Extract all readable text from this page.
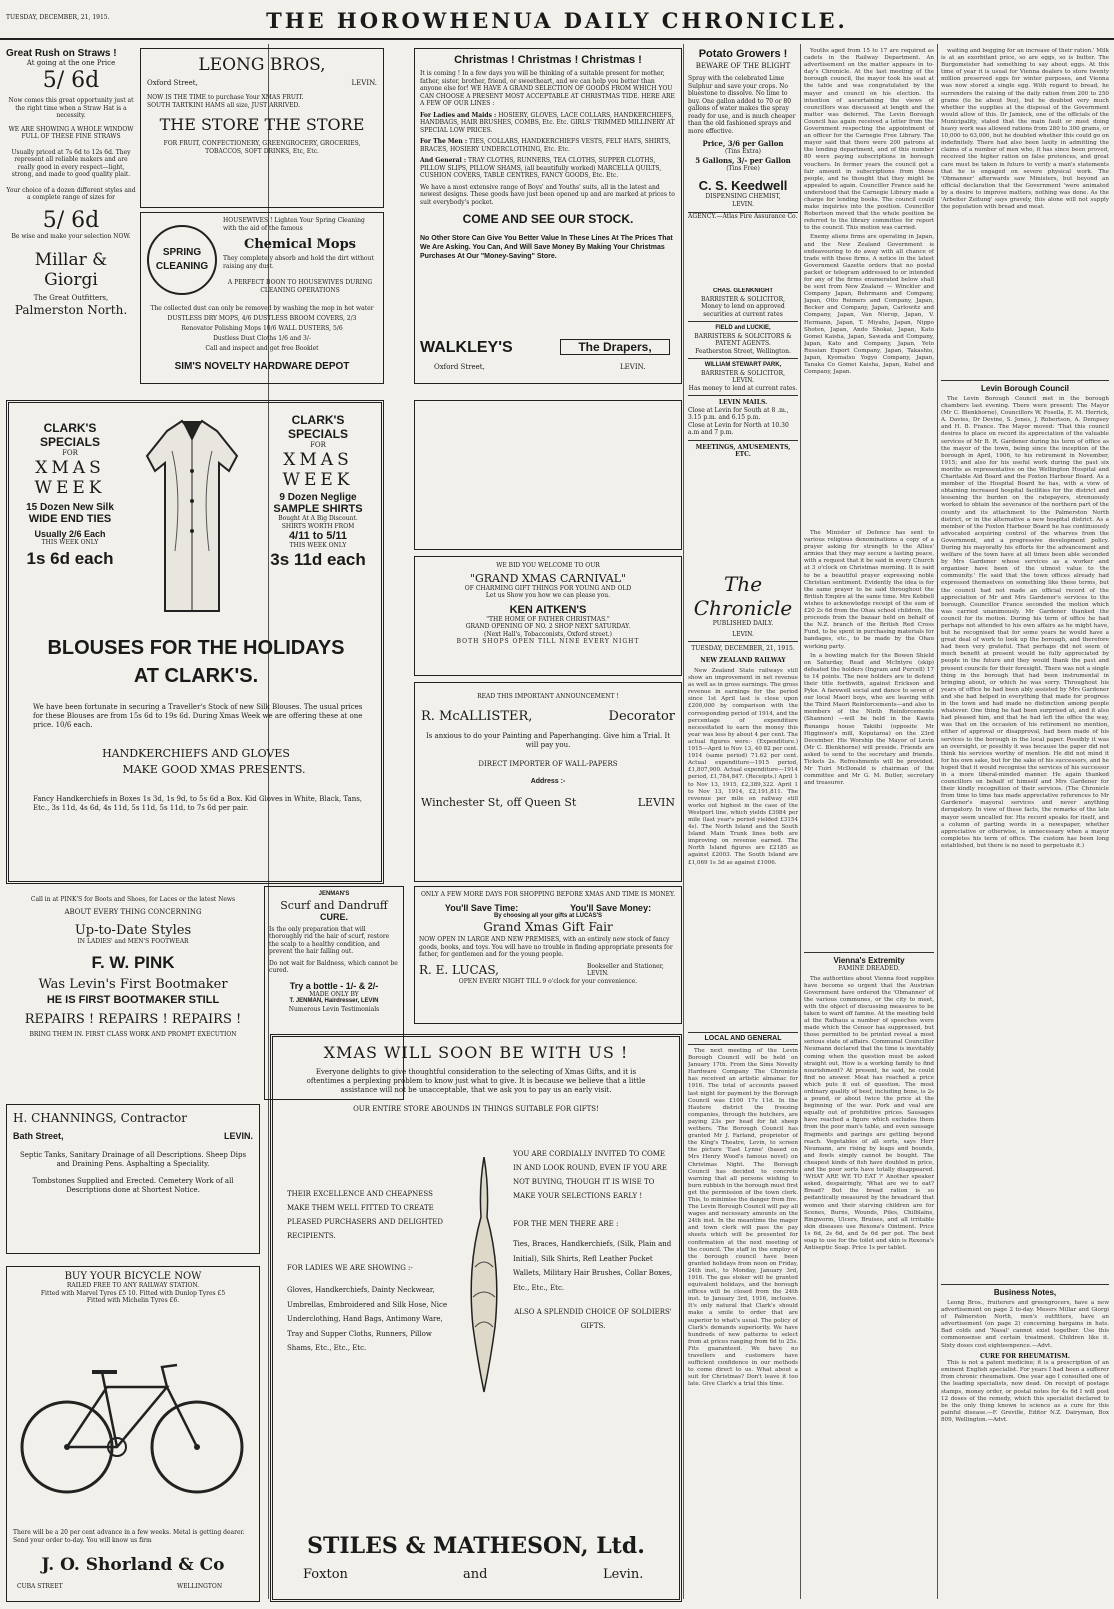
TUESDAY, DECEMBER, 21, 1915.	THE HOROWHENUA DAILY CHRONICLE.
Great Rush on Straws !
At going at the one Price
5/ 6d
Now comes this great opportunity just at the right time when a Straw Hat is a necessity.
WE ARE SHOWING A WHOLE WINDOW FULL OF THESE FINE STRAWS
Usually priced at 7s 6d to 12s 6d. They represent all reliable makers and are really good in every respect—light, strong, and made to good quality plait.
Your choice of a dozen different styles and a complete range of sizes for
5/ 6d
Be wise and make your selection NOW.
Millar & Giorgi
The Great Outfitters,
Palmerston North.
LEONG BROS,
Oxford Street,	LEVIN.
NOW IS THE TIME to purchase Your XMAS FRUIT.
SOUTH TARTKINI HAMS all size, JUST ARRIVED.
THE STORE THE STORE
FOR FRUIT, CONFECTIONERY, GREENGROCERY, GROCERIES, TOBACCOS, SOFT DRINKS, Etc, Etc.
SPRING
CLEANING
HOUSEWIVES ! Lighten Your Spring Cleaning with the aid of the famous
Chemical Mops
They completely absorb and hold the dirt without raising any dust.
A PERFECT BOON TO HOUSEWIVES DURING CLEANING OPERATIONS
The collected dust can only be removed by washing the mop in hot water
DUSTLESS DRY MOPS, 4/6 DUSTLESS BROOM COVERS, 2/3
Renovator Polishing Mops 10/6 WALL DUSTERS, 5/6
Dustless Dust Cloths 1/6 and 3/-
Call and inspect and get free Booklet
SIM'S NOVELTY HARDWARE DEPOT
Christmas ! Christmas ! Christmas !
It is coming ! In a few days you will be thinking of a suitable present for mother, father, sister, brother, friend, or sweetheart, and we can help you better than anyone else for! WE HAVE A GRAND SELECTION OF GOODS FROM WHICH YOU CAN CHOOSE A PRESENT MOST ACCEPTABLE AT CHRISTMAS TIDE. HERE ARE A FEW OF OUR LINES :
For Ladies and Maids : HOSIERY, GLOVES, LACE COLLARS, HANDKERCHIEFS, HANDBAGS, HAIR BRUSHES, COMBS, Etc. Etc. GIRLS' TRIMMED MILLINERY AT SPECIAL LOW PRICES.
For The Men : TIES, COLLARS, HANDKERCHIEFS VESTS, FELT HATS, SHIRTS, BRACES, HOSIERY UNDERCLOTHING, Etc. Etc.
And General : TRAY CLOTHS, RUNNERS, TEA CLOTHS, SUPPER CLOTHS, PILLOW SLIPS, PILLOW SHAMS, (all beautifully worked) MARCELLA QUILTS, CUSHION COVERS, TABLE CENTRES, FANCY GOODS, Etc. Etc.
We have a most extensive range of Boys' and Youths' suits, all in the latest and newest designs. These goods have just been opened up and are marked at prices to suit everybody's pocket.
COME AND SEE OUR STOCK.
No Other Store Can Give You Better Value In These Lines At The Prices That We Are Asking. You Can, And Will Save Money By Making Your Christmas Purchases At Our "Money-Saving" Store.
WALKLEY'S	The Drapers,
Oxford Street,	LEVIN.
Potato Growers !
BEWARE OF THE BLIGHT
Spray with the celebrated Lime Sulphur and save your crops. No bluestone to dissolve. No lime to buy. One gallon added to 70 or 80 gallons of water makes the spray ready for use, and is much cheaper than the old fashioned sprays and more effective.
Price, 3/6 per Gallon
(Tins Extra)
5 Gallons, 3/- per Gallon
(Tins Free)
C. S. Keedwell
DISPENSING CHEMIST,
LEVIN.
AGENCY.—Atlas Fire Assurance Co.
CHAS. GLENKNIGHT
BARRISTER & SOLICITOR,
Money to lend on approved securities at current rates
FIELD and LUCKIE,
BARRISTERS & SOLICITORS & PATENT AGENTS.
Featherston Street, Wellington.
WILLIAM STEWART PARK,
BARRISTER & SOLICITOR,
LEVIN.
Has money to lend at current rates.
LEVIN MAILS.
Close at Levin for South at 8 .m., 3.15 p.m. and 6.15 p.m.
Close at Levin for North at 10.30 a.m and 7 p.m.
MEETINGS, AMUSEMENTS, ETC.
The Chronicle
PUBLISHED DAILY.
LEVIN.
TUESDAY, DECEMBER, 21, 1915.
NEW ZEALAND RAILWAY

Youths aged from 15 to 17 are required as cadets in the Railway Department. An advertisement on the matter appears in to-day's Chronicle. At the last meeting of the borough council, the mayor took his seat at the table and was congratulated by the mayor and council on his election. Its intention of ascertaining the views of councillors was discussed at length and the matter was deferred. The Levin Borough Council has again received a letter from the Government respecting the appointment of an officer for the Carnegie Free Library. The mayor said that there were 200 patrons at the lending department, and of this number 80 were paying subscriptions in borough vouchers. In former years the council got a fair amount in subscriptions from these people, and he thought that they might be appealed to again. Councillor France said he understood that the Carnegie Library made a charge for lending books. The council could make inquiries into the position. Councillor Robertson moved that the whole position be referred to the library committee for report to the council. This motion was carried.

Enemy aliens firms are operating in Japan, and the New Zealand Government is endeavouring to do away with all chance of trade with these firms. A notice in the latest Government Gazette orders that no postal packet or telegram addressed to or intended for any of the firms enumerated below shall be sent from New Zealand — Winckler and Company Japan, Behrmann and Company, Japan, Otto Reimers and Company, Japan, Becker and Company, Japan, Carlowitz and Company, Japan, Van Nierop, Japan, V. Hermann, Japan, T. Miyaho, Japan, Nippo Shoten, Japan, Ando Shokai, Japan, Kato Gomei Kaisha, Japan, Sawada and Company, Japan, Kato and Company, Japan, Yeto Russian Export Company, Japan, Takashio, Japan, Kyomatsu Yogyo Company, Japan, Tanaka Co Gomei Kaisha, Japan, Kubel and Company, Japan.

The Minister of Defence has sent to various religious denominations a copy of a prayer asking for strength to the Allies' armies that they may secure a lasting peace, with a request that it be said in every Church at 3 o'clock on Christmas morning. It is said to be a beautiful prayer expressing noble Christian sentiment. Evidently the idea is for the same prayer to be said throughout the British Empire at the same time. Mrs Kebbell wishes to acknowledge receipt of the sum of £20 2s 6d from the Ohau school children, the proceeds from the bazaar held on behalf of the N.Z. branch of the British Red Cross Fund, to be spent in purchasing materials for bandages, etc., to be made by the Ohau working party.

In a bowling match for the Bowen Shield on Saturday, Read and McIntyre (skip) defeated the holders (Ingram and Purcell) 17 to 14 points. The new holders are to defend their title forthwith, against Erickson and Pyke. A farewell social and dance to seven of our local Maori boys, who are leaving with the Third Maori Reinforcements—and also to members of the Ninth Reinforcements (Shannon) —will be held in the Kawiu Runanga house Takiihi (opposite Mr Higginson's mill, Koputaroa) on the 23rd December. His Worship the Mayor of Levin (Mr C. Blenkhorne) will preside. Friends are asked to send to the secretary and friends. Tickets 2s. Refreshments will be provided. Mr Tuiri McDonald is chairman of the committee and Mr G. M. Butler, secretary and treasurer.

New Zealand State railways still show an improvement in net revenue as well as in gross earnings. The gross revenue in earnings for the period since 1st April last is close upon £200,000 by comparison with the corresponding period of 1914, and the percentage of expenditure necessitated to earn the money this year was less by about 4 per cent. The actual figures were:- (Expenditure.) 1915—April to Nov 13, 40 82 per cent. 1914 (same period) 71.62 per cent. Actual expenditure—1915 period, £1,807,900. Actual expenditure—1914 period, £1,784,847. (Receipts.) April 1 to Nov 13, 1915, £2,389,322. April 1 to Nov 13, 1914, £2,191,811. The revenue per mile on railway still works out highest in the case of the Westport line, which yields £3084 per mile (last year's period yielded £3154 4s). The North Island and the South Island Main Trunk lines both are improving on revenue earned. The North Island figures are £2185 as against £2003. The South Island are £1,069 1s 3d as against £1006.

LOCAL AND GENERAL

The next meeting of the Levin Borough Council will be held on January 17th. From the Sims Novelty Hardware Company The Chronicle has received an artistic almanac for 1916. The total of accounts passed last night for payment by the Borough Council was £100 17s 11d. In the Hautere district the freezing companies, through the butchers, are paying 23s per head for fat sheep wethers. The Borough Council has granted Mr J. Farland, proprietor of the King's Theatre, Levin, to screen the picture 'East Lynne' (based on Mrs Henry Wood's famous novel) on Christmas Night. The Borough Council has decided to concrete warning that all persons wishing to burn rubbish in the borough must first get the permission of the town clerk. This, to minimise the danger from fire. The Levin Borough Council will pay all wages and necessary amounts on the 24th inst. In the meantime the magor and town clerk will pass the pay sheets which will be presented for confirmation at the next meeting of the council. The staff in the employ of the borough council have been granted holidays from noon on Friday, 24th inst., to Monday, January 3rd, 1916. The gas stoker will be granted equivalent holidays, and the borough offices will be closed from the 24th inst. to January 3rd, 1916, inclusive. It's only natural that Clark's should make a smile to order that are superior to what's usual. The policy of Clark's demands superiority. We have hundreds of new patterns to select from at prices ranging from 6d to 25s. Fits guaranteed. We have no travellers and customers have sufficient confidence in our methods to come direct to us. What about a suit for Christmas? Don't leave it too late. Give Clark's a trial this time.

Vienna's Extremity
FAMINE DREADED.

The authorities about Vienna food supplies have become so urgent that the Austrian Government have ordered the 'Obmanner' of the various communes, or the city to meet, with the object of discussing measures to be taken to ward off famine. At the meeting held at the Rathaus a number of speeches were made which the Censor has suppressed, but those permitted to be printed reveal a most serious state of affairs. Communal Councillor Neumann declared that the time is inevitably coming when the question must be asked straight out, How is a working family to find nourishment? At present, he said, he could find no answer. Meat has reached a price which puts it out of question. The most ordinary quality of beef, including bone, is 2s a pound, or about twice the price at the beginning of the war. Pork and veal are equally out of prohibitive prices. Sausages have reached a figure which excludes them from the poor man's table, and even sausage fragments and parings are getting beyond reach. Vegetables of all sorts, says Herr Neumann, are rising by leaps and bounds, and fowls simply cannot be bought. The cheapest kinds of fish have doubled in price, and the poor sorts have totally disappeared. 'WHAT ARE WE TO EAT ?' Another speaker asked, despairingly, 'What are we to eat? Bread? But the bread ration is so pedantically measured by the breadcard that women and their starving children are for Scenes, Burns, Wounds, Piles, Chilblains, Ringworm, Ulcers, Bruises, and all irritable skin diseases use Rexona's Ointment. Price 1s 6d, 2s 6d, and 5s 6d per pot. The best soap to use for the toilet and skin is Rexona's Antiseptic Soap. Price 1s per tablet.

waiting and begging for an increase of their ration.' Milk is at an exorbitant price, so are eggs, so is butter. The Burgomeister had something to say about eggs. At this time of year it is usual for Vienna dealers to store twenty million preserved eggs for winter purposes, and Vienna was now stored a single egg. With regard to bread, he surrenders the raising of the daily ration from 200 to 250 grams (to be about 9oz), but he doubted very much whether the supplies at the disposal of the Government would allow of this. Dr Jamieck, one of the officials of the Municipality, stated that the main fault or most doing heavy work was allowed rations from 280 to 300 grams, or 10,000 to 63,000, but he doubted whether this could go on indefinitely. There had also been laxity in admitting the claims of a number of men who, it has since been proved, received the higher ration on false pretences, and great care must be taken in future to verify a man's statements that he is engaged on severe physical work. The 'Obmanner' afterwards saw Ministers, but beyond an official declaration that the Government 'were animated by a desire to improve matters, nothing was done. As the 'Arbeiter Zeitung' says gravely, this alone will not supply the population with bread and meat.

Levin Borough Council

The Levin Borough Council met in the borough chambers last evening. There were present: The Mayor (Mr C. Blenkhorne), Councillors W. Fosella, E. M. Herrick, A. Davies, Dr Devine, S. Jones, J. Robertson, A. Dempsey and H. B. France. The Mayor moved: 'That this council desires to place on record its appreciation of the valuable services of Mr B. R. Gardener during his term of office as the mayor of the town, being since the inception of the borough in April, 1906, to his retirement in November, 1915; and also for his useful work during the past six months as representative on the Wellington Hospital and Charitable Aid Board and the Foxton Harbour Board. As a member of the Hospital Board he has, with a view of obtaining increased hospital facilities for the district and lessening the burden on the ratepayers, strenuously worked to obtain the severance of the northern part of the county and its attachment to the Palmerston North district, or in the alternative a new hospital district. As a member of the Foxton Harbour Board he has continuously advocated acquiring control of the wharves from the Government, and a progressive development policy. During his mayoralty his efforts for the advancement and welfare of the town have at all times been able seconded by Mrs Gardener whose services as a worker and organiser have been of the utmost value to the community.' He said that the town offices already had expressed themselves on something like these terms, but the council had not made an official record of the appreciation of Mr and Mrs Gardener's services to the borough. Councillor France seconded the motion which was carried unanimously. Mr Gardener thanked the council for its motion. During his term of office he had perhaps not attended to his own affairs as he might have, but he recognised that for some years he would have a great deal of work to look up the borough, and therefore had been very grateful. That perhaps did not seem of much benefit at present would be fully appreciated by people in the future and they would thank the past and present councils for their foresight. There was not a single thing in the borough that had been instrumental in bringing about, or which he was sorry. Throughout his years of office he had been ably assisted by Mrs Gardener and she had helped in everything that made for progress in the town and had made no distinction among people whatever. One thing he had been surprised at, and it also had pleased him, and that he had left the office the way, was that on the occasion of his retirement no mention, either of approval or disapproval, had been made of his services to the borough in the local paper. Possibly it was an oversight, or possibly it was because the paper did not think his services worthy of mention. He did not mind it for his own sake, but for the sake of his successors, and he hoped that it would recognise the services of his successor in a more liberal-minded manner. He again thanked councillors on behalf of himself and Mrs Gardener for their kindly recognition of their services. (The Chronicle from time to time has made appreciative references to Mr Gardener's mayoral services and never anything derogatory. In view of these facts, the remarks of the late mayor seem uncalled for. His record speaks for itself, and a column of parting words in a newspaper, whether appreciative or otherwise, is unnecessary when a mayor completes his term of office. The custom has been long established, but there is no need to perpetuate it.)

Business Notes,

Leong Bros., fruiterers and greengrocers, have a new advertisement on page 2 to-day. Messrs Millar and Giorgi of Palmerston North, men's outfitters, have an advertisement (on page 2) concerning bargains in hats. Bad colds and 'Nasal' cannot exist together. Use this commonsense and certain treatment. Children like it. Sixty doses cost eighteenpence.—Advt.

CURE FOR RHEUMATISM.

This is not a patent medicine; it is a prescription of an eminent English specialist. For years I had been a sufferer from chronic rheumatism. One year ago I consulted one of the leading specialists, now dead. On receipt of postage stamps, money order, or postal notes for 4s 6d I will post 12 doses of the remedy, which this specialist declared to be the only thing known to science as a cure for this painful disease.—F. Greville, Editor N.Z. Dairyman, Box 809, Wellington.—Advt.

CLARK'S
SPECIALS
FOR
XMAS
WEEK
15 Dozen New Silk
WIDE END TIES
Usually 2/6 Each
THIS WEEK ONLY
1s 6d each
CLARK'S
SPECIALS
FOR
XMAS
WEEK
9 Dozen Neglige
SAMPLE SHIRTS
Bought At A Big Discount.
SHIRTS WORTH FROM
4/11 to 5/11
THIS WEEK ONLY
3s 11d each
BLOUSES FOR THE HOLIDAYS
AT CLARK'S.
We have been fortunate in securing a Traveller's Stock of new Silk Blouses. The usual prices for these Blouses are from 15s 6d to 19s 6d. During Xmas Week we are offering these at one price. 10/6 each.
HANDKERCHIEFS AND GLOVES
MAKE GOOD XMAS PRESENTS.
Fancy Handkerchiefs in Boxes 1s 3d, 1s 9d, to 5s 6d a Box. Kid Gloves in White, Black, Tans, Etc., 3s 11d, 4s 6d, 4s 11d, 5s 11d, 5s 11d, to 7s 6d per pair.
WE BID YOU WELCOME TO OUR
"GRAND XMAS CARNIVAL"
OF CHARMING GIFT THINGS FOR YOUNG AND OLD
Let us Show you how we can please you.
KEN AITKEN'S
"THE HOME OF FATHER CHRISTMAS."
GRAND OPENING OF NO. 2 SHOP NEXT SATURDAY.
(Next Hall's, Tobacconists, Oxford street.)
BOTH SHOPS OPEN TILL NINE EVERY NIGHT
READ THIS IMPORTANT ANNOUNCEMENT !
R. McALLISTER,	Decorator
Is anxious to do your Painting and Paperhanging. Give him a Trial. It will pay you.
DIRECT IMPORTER OF WALL-PAPERS
Address :-
Winchester St, off Queen St	LEVIN
Call in at PINK'S for Boots and Shoes, for Laces or the latest News
ABOUT EVERY THING CONCERNING
Up-to-Date Styles
IN LADIES' and MEN'S FOOTWEAR
F. W. PINK
Was Levin's First Bootmaker
HE IS FIRST BOOTMAKER STILL
REPAIRS ! REPAIRS ! REPAIRS !
BRING THEM IN. FIRST CLASS WORK AND PROMPT EXECUTION
JENMAN'S
Scurf and Dandruff
CURE.
Is the only preparation that will thoroughly rid the hair of scurf, restore the scalp to a healthy condition, and prevent the hair falling out.
Do not wait for Baldness, which cannot be cured.
Try a bottle - 1/- & 2/-
MADE ONLY BY
T. JENMAN, Hairdresser, LEVIN
Numerous Levin Testimonials
ONLY A FEW MORE DAYS FOR SHOPPING BEFORE XMAS AND TIME IS MONEY.
You'll Save Time:	You'll Save Money:
By choosing all your gifts at LUCAS'S
Grand Xmas Gift Fair
NOW OPEN IN LARGE AND NEW PREMISES, with an entirely new stock of fancy goods, books, and toys. You will have no trouble in finding appropriate presents for father, for gentlemen and for the young people.
R. E. LUCAS,	Bookseller and Stationer, LEVIN.
OPEN EVERY NIGHT TILL 9 o'clock for your convenience.
H. CHANNINGS, Contractor
Bath Street,	LEVIN.
Septic Tanks, Sanitary Drainage of all Descriptions. Sheep Dips and Draining Pens. Asphalting a Speciality.
Tombstones Supplied and Erected. Cemetery Work of all Descriptions done at Shortest Notice.
BUY YOUR BICYCLE NOW
RAILED FREE TO ANY RAILWAY STATION.
Fitted with Marvel Tyres £5 10. Fitted with Dunlop Tyres £5
Fitted with Michelin Tyres £6.
There will be a 20 per cent advance in a few weeks. Metal is getting dearer. Send your order to-day. You will know us firm
J. O. Shorland & Co
CUBA STREET	WELLINGTON
XMAS WILL SOON BE WITH US !
Everyone delights to give thoughtful consideration to the selecting of Xmas Gifts, and it is oftentimes a perplexing problem to know just what to give. It is because we believe that a little assistance will not be unacceptable, that we ask you to pay us an early visit.
OUR ENTIRE STORE ABOUNDS IN THINGS SUITABLE FOR GIFTS!
THEIR EXCELLENCE AND CHEAPNESS MAKE THEM WELL FITTED TO CREATE PLEASED PURCHASERS AND DELIGHTED RECIPIENTS.
FOR LADIES WE ARE SHOWING :-
Gloves, Handkerchiefs, Dainty Neckwear, Umbrellas, Embroidered and Silk Hose, Nice Underclothing, Hand Bags, Antimony Ware, Tray and Supper Cloths, Runners, Pillow Shams, Etc., Etc., Etc.
YOU ARE CORDIALLY INVITED TO COME IN AND LOOK ROUND, EVEN IF YOU ARE NOT BUYING, THOUGH IT IS WISE TO MAKE YOUR SELECTIONS EARLY !
FOR THE MEN THERE ARE :
Ties, Braces, Handkerchiefs, (Silk, Plain and Initial), Silk Shirts, Refl Leather Pocket Wallets, Military Hair Brushes, Collar Boxes, Etc., Etc., Etc.
ALSO A SPLENDID CHOICE OF SOLDIERS' GIFTS.
STILES & MATHESON, Ltd.
Foxton	and	Levin.
